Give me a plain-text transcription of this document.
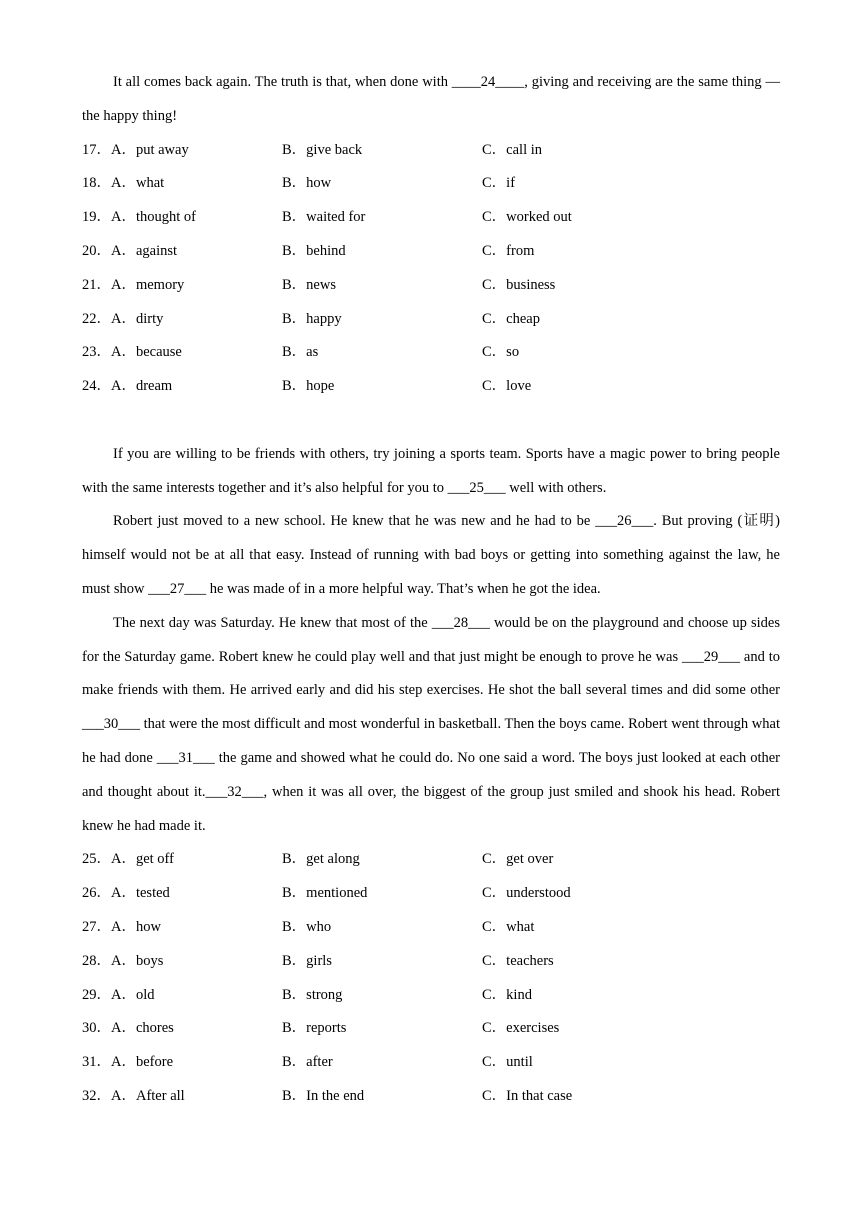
It all comes back again. The truth is that, when done with ____24____, giving and receiving are the same thing — the happy thing!

17．A．put away	B．give back	C．call in
18．A．what	B．how	C．if
19．A．thought of	B．waited for	C．worked out
20．A．against	B．behind	C．from
21．A．memory	B．news	C．business
22．A．dirty	B．happy	C．cheap
23．A．because	B．as	C．so
24．A．dream	B．hope	C．love

If you are willing to be friends with others, try joining a sports team. Sports have a magic power to bring people with the same interests together and it’s also helpful for you to ___25___ well with others.

Robert just moved to a new school. He knew that he was new and he had to be ___26___. But proving (证明) himself would not be at all that easy. Instead of running with bad boys or getting into something against the law, he must show ___27___ he was made of in a more helpful way. That’s when he got the idea.

The next day was Saturday. He knew that most of the ___28___ would be on the playground and choose up sides for the Saturday game. Robert knew he could play well and that just might be enough to prove he was ___29___ and to make friends with them. He arrived early and did his step exercises. He shot the ball several times and did some other ___30___ that were the most difficult and most wonderful in basketball. Then the boys came. Robert went through what he had done ___31___ the game and showed what he could do. No one said a word. The boys just looked at each other and thought about it.___32___, when it was all over, the biggest of the group just smiled and shook his head. Robert knew he had made it.

25．A．get off	B．get along	C．get over
26．A．tested	B．mentioned	C．understood
27．A．how	B．who	C．what
28．A．boys	B．girls	C．teachers
29．A．old	B．strong	C．kind
30．A．chores	B．reports	C．exercises
31．A．before	B．after	C．until
32．A．After all	B．In the end	C．In that case
